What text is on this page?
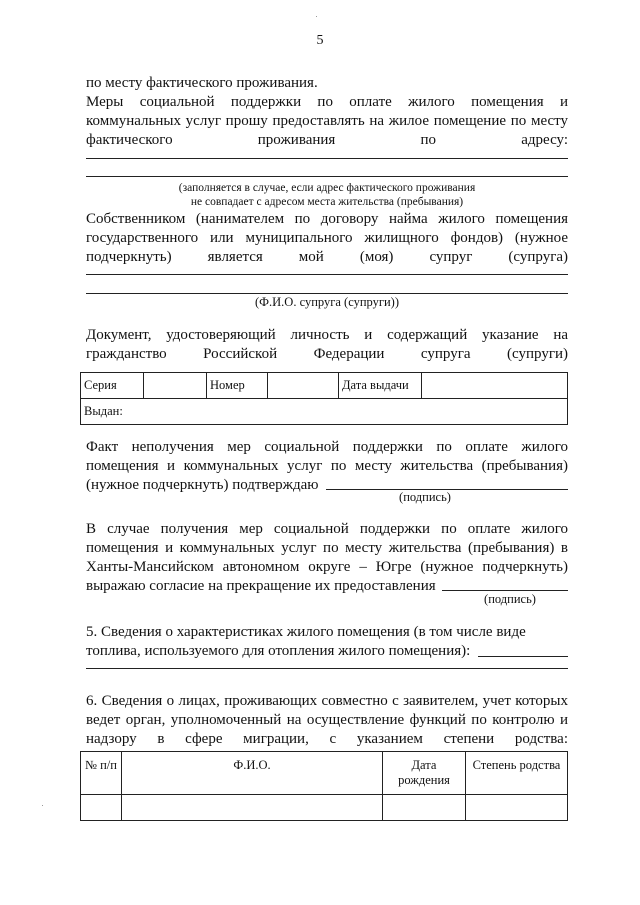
5
по месту фактического проживания.
Меры социальной поддержки по оплате жилого помещения и коммунальных услуг прошу предоставлять на жилое помещение по месту фактического проживания по адресу:
(заполняется в случае, если адрес фактического проживания
не совпадает с адресом места жительства (пребывания)
Собственником (нанимателем по договору найма жилого помещения государственного или муниципального жилищного фондов) (нужное подчеркнуть) является мой (моя) супруг (супруга)
(Ф.И.О. супруга (супруги))
Документ, удостоверяющий личность и содержащий указание на гражданство Российской Федерации супруга (супруги)
Серия		Номер		Дата выдачи	
Выдан:
Факт неполучения мер социальной поддержки по оплате жилого помещения и коммунальных услуг по месту жительства (пребывания) (нужное подчеркнуть) подтверждаю
(подпись)
В случае получения мер социальной поддержки по оплате жилого помещения и коммунальных услуг по месту жительства (пребывания) в Ханты-Мансийском автономном округе – Югре (нужное подчеркнуть) выражаю согласие на прекращение их предоставления
(подпись)
5. Сведения о характеристиках жилого помещения (в том числе виде топлива, используемого для отопления жилого помещения):
6. Сведения о лицах, проживающих совместно с заявителем, учет которых ведет орган, уполномоченный на осуществление функций по контролю и надзору в сфере миграции, с указанием степени родства:
№ п/п	Ф.И.О.	Дата рождения	Степень родства
